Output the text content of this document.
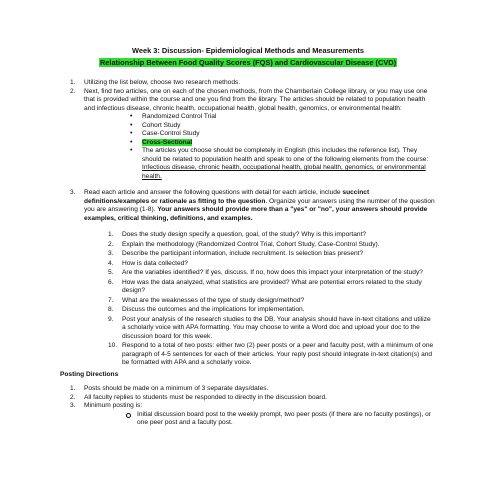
Week 3: Discussion- Epidemiological Methods and Measurements

Relationship Between Food Quality Scores (FQS) and Cardiovascular Disease (CVD)
1. Utilizing the list below, choose two research methods.
2. Next, find two articles, one on each of the chosen methods, from the Chamberlain College library, or you may use one that is provided within the course and one you find from the library. The articles should be related to population health and infectious disease, chronic health, occupational health, global health, genomics, or environmental health:
• Randomized Control Trial
• Cohort Study
• Case-Control Study
• Cross-Sectional
• The articles you choose should be completely in English (this includes the reference list). They should be related to population health and speak to one of the following elements from the course: Infectious disease, chronic health, occupational health, global health, genomics, or environmental health.
3. Read each article and answer the following questions with detail for each article, include succinct definitions/examples or rationale as fitting to the question. Organize your answers using the number of the question you are answering (1-8). Your answers should provide more than a "yes" or "no", your answers should provide examples, critical thinking, definitions, and examples.
1. Does the study design specify a question, goal, of the study? Why is this important?
2. Explain the methodology (Randomized Control Trial, Cohort Study, Case-Control Study).
3. Describe the participant information, include recruitment. Is selection bias present?
4. How is data collected?
5. Are the variables identified? If yes, discuss. If no, how does this impact your interpretation of the study?
6. How was the data analyzed, what statistics are provided? What are potential errors related to the study design?
7. What are the weaknesses of the type of study design/method?
8. Discuss the outcomes and the implications for implementation.
9. Post your analysis of the research studies to the DB. Your analysis should have in-text citations and utilize a scholarly voice with APA formatting. You may choose to write a Word doc and upload your doc to the discussion board for this week.
10. Respond to a total of two posts: either two (2) peer posts or a peer and faculty post, with a minimum of one paragraph of 4-5 sentences for each of their articles. Your reply post should integrate in-text citation(s) and be formatted with APA and a scholarly voice.
Posting Directions
1. Posts should be made on a minimum of 3 separate days/dates.
2. All faculty replies to students must be responded to directly in the discussion board.
3. Minimum posting is:
Initial discussion board post to the weekly prompt, two peer posts (if there are no faculty postings), or one peer post and a faculty post.
